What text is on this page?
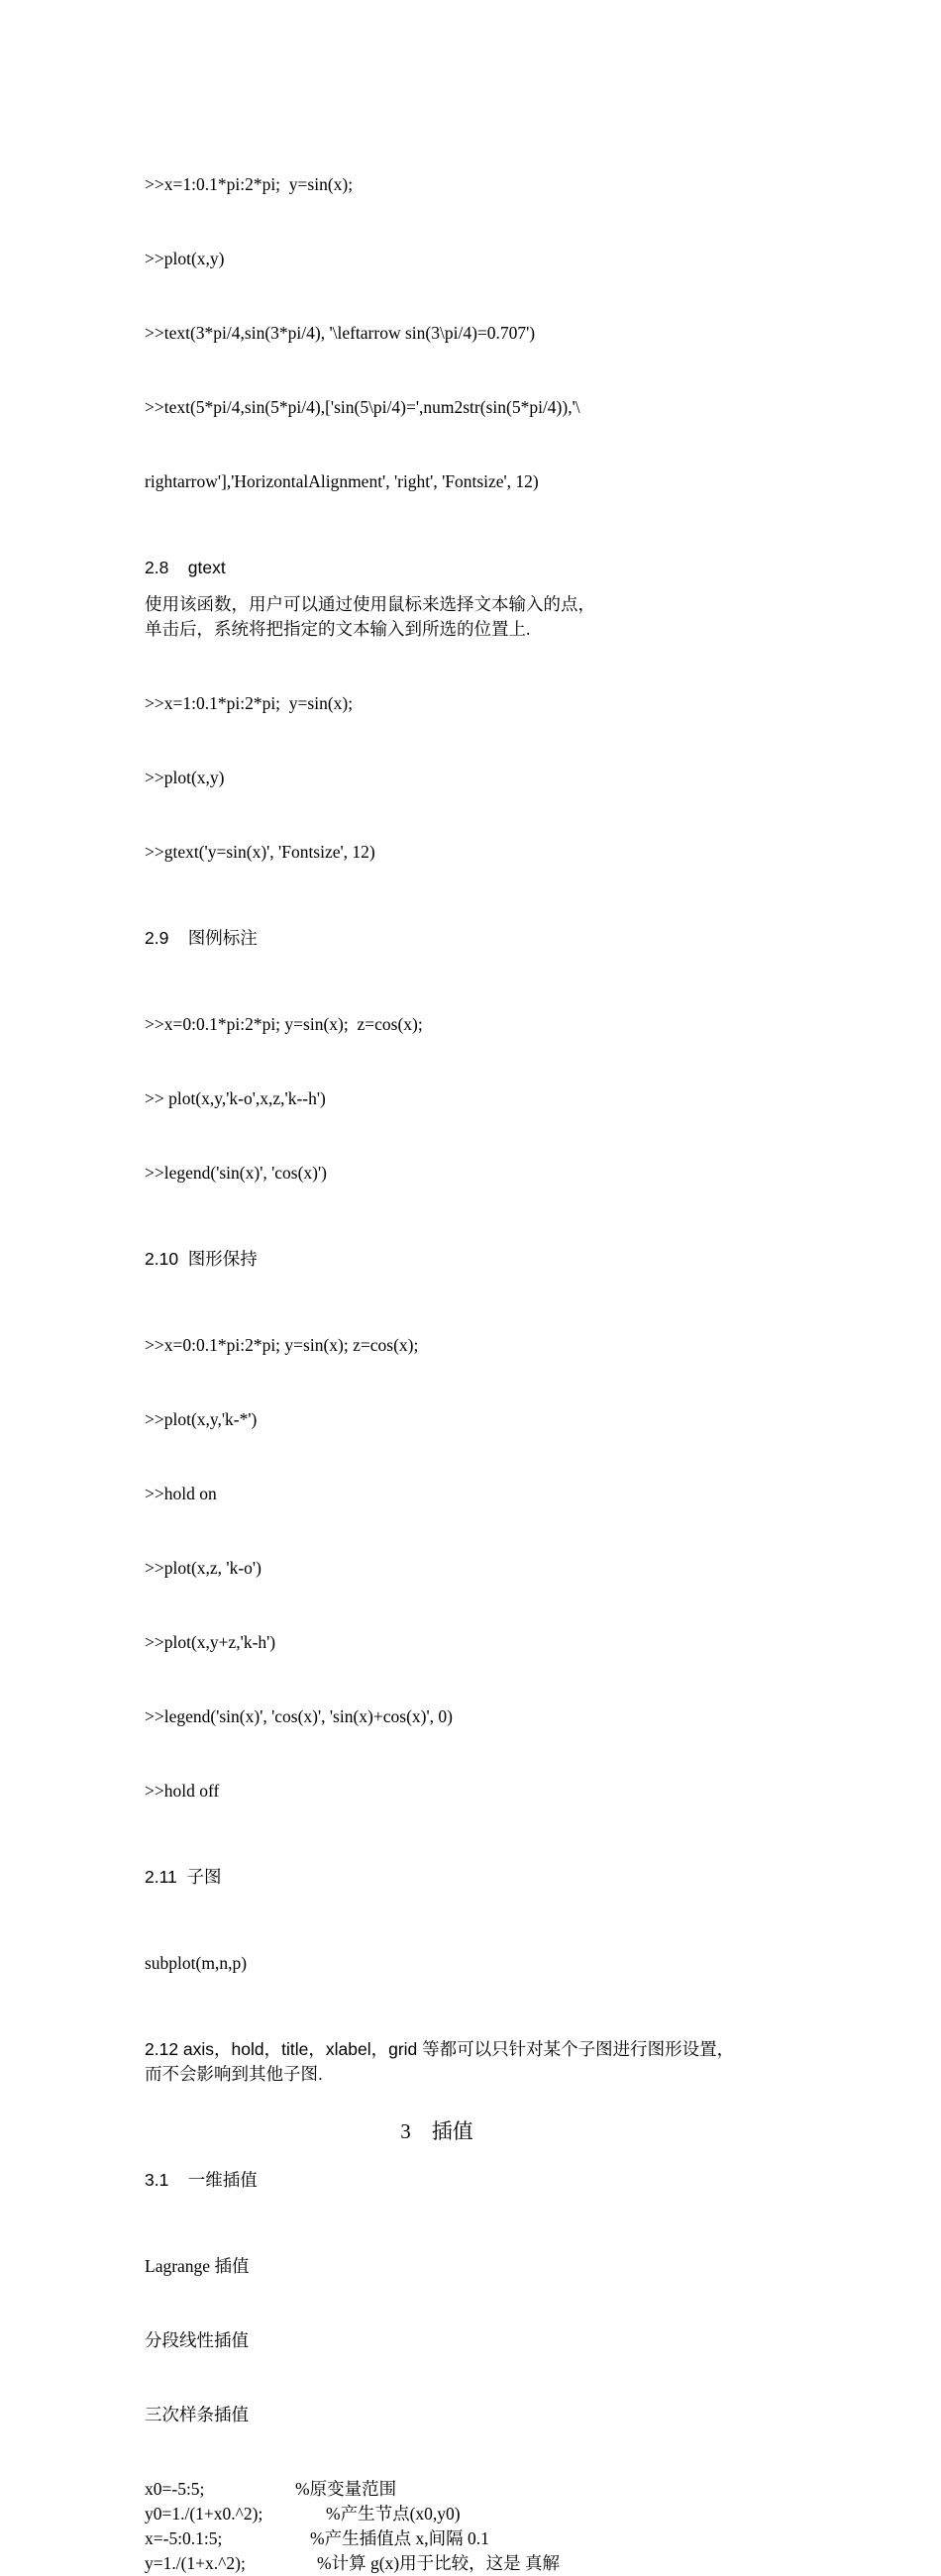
>>x=1:0.1*pi:2*pi;  y=sin(x);

>>plot(x,y)

>>text(3*pi/4,sin(3*pi/4), '\leftarrow sin(3\pi/4)=0.707')

>>text(5*pi/4,sin(5*pi/4),['sin(5\pi/4)=',num2str(sin(5*pi/4)),'\

rightarrow'],'HorizontalAlignment', 'right', 'Fontsize', 12)

2.8    gtext
使用该函数，用户可以通过使用鼠标来选择文本输入的点，
单击后，系统将把指定的文本输入到所选的位置上.

>>x=1:0.1*pi:2*pi;  y=sin(x);

>>plot(x,y)

>>gtext('y=sin(x)', 'Fontsize', 12)

2.9    图例标注

>>x=0:0.1*pi:2*pi; y=sin(x);  z=cos(x);

>> plot(x,y,'k-o',x,z,'k--h')

>>legend('sin(x)', 'cos(x)')

2.10  图形保持

>>x=0:0.1*pi:2*pi; y=sin(x); z=cos(x);

>>plot(x,y,'k-*')

>>hold on

>>plot(x,z, 'k-o')

>>plot(x,y+z,'k-h')

>>legend('sin(x)', 'cos(x)', 'sin(x)+cos(x)', 0)

>>hold off

2.11  子图

subplot(m,n,p)

2.12 axis，hold，title，xlabel，grid 等都可以只针对某个子图进行图形设置，
而不会影响到其他子图.
3    插值
3.1    一维插值

Lagrange 插值

分段线性插值

三次样条插值

x0=-5:5;	%原变量范围
y0=1./(1+x0.^2);	%产生节点(x0,y0)
x=-5:0.1:5;	%产生插值点 x,间隔 0.1
y=1./(1+x.^2);	%计算 g(x)用于比较，这是 真解
